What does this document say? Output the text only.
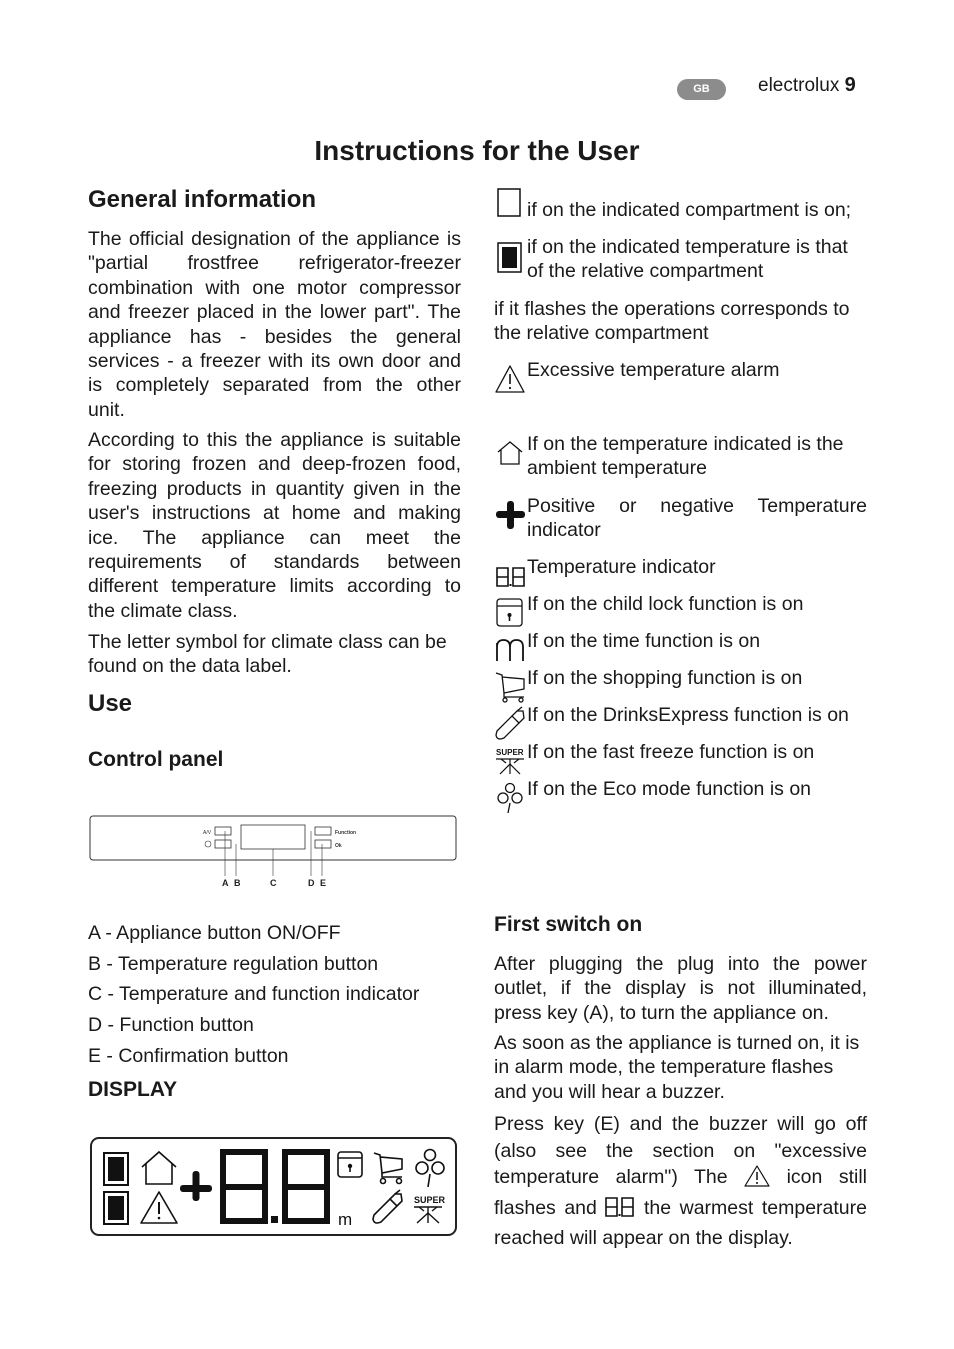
GB	electrolux 9
Instructions for the User
General information
The official designation of the appliance is "partial frostfree refrigerator-freezer combination with one motor compressor and freezer placed in the lower part". The appliance has - besides the general services - a freezer with its own door and is completely separated from the other unit.
According to this the appliance is suitable for storing frozen and deep-frozen food, freezing products in quantity given in the user's instructions at home and making ice. The appliance can meet the requirements of standards between different temperature limits according to the climate class.
The letter symbol for climate class can be found on the data label.
Use
Control panel
A/V	Function
Ok
A B	C	D E
A - Appliance button ON/OFF
B - Temperature regulation button
C - Temperature and function indicator
D - Function button
E - Confirmation button
DISPLAY
m
SUPER
if on the indicated compartment is on;
if on the indicated temperature is that of the relative compartment
if it flashes the operations corresponds to the relative compartment
Excessive temperature alarm
If on the temperature indicated is the ambient temperature
Positive or negative Temperature indicator
Temperature indicator
If on the child lock function is on
If on the time function is on
If on the shopping function is on
If on the DrinksExpress function is on
SUPER If on the fast freeze function is on
If on the Eco mode function is on
First switch on
After plugging the plug into the power outlet, if the display is not illuminated, press key (A), to turn the appliance on.
As soon as the appliance is turned on, it is in alarm mode, the temperature flashes and you will hear a buzzer.
Press key (E) and the buzzer will go off (also see the section on "excessive temperature alarm") The	icon still flashes and the warmest temperature reached will appear on the display.
